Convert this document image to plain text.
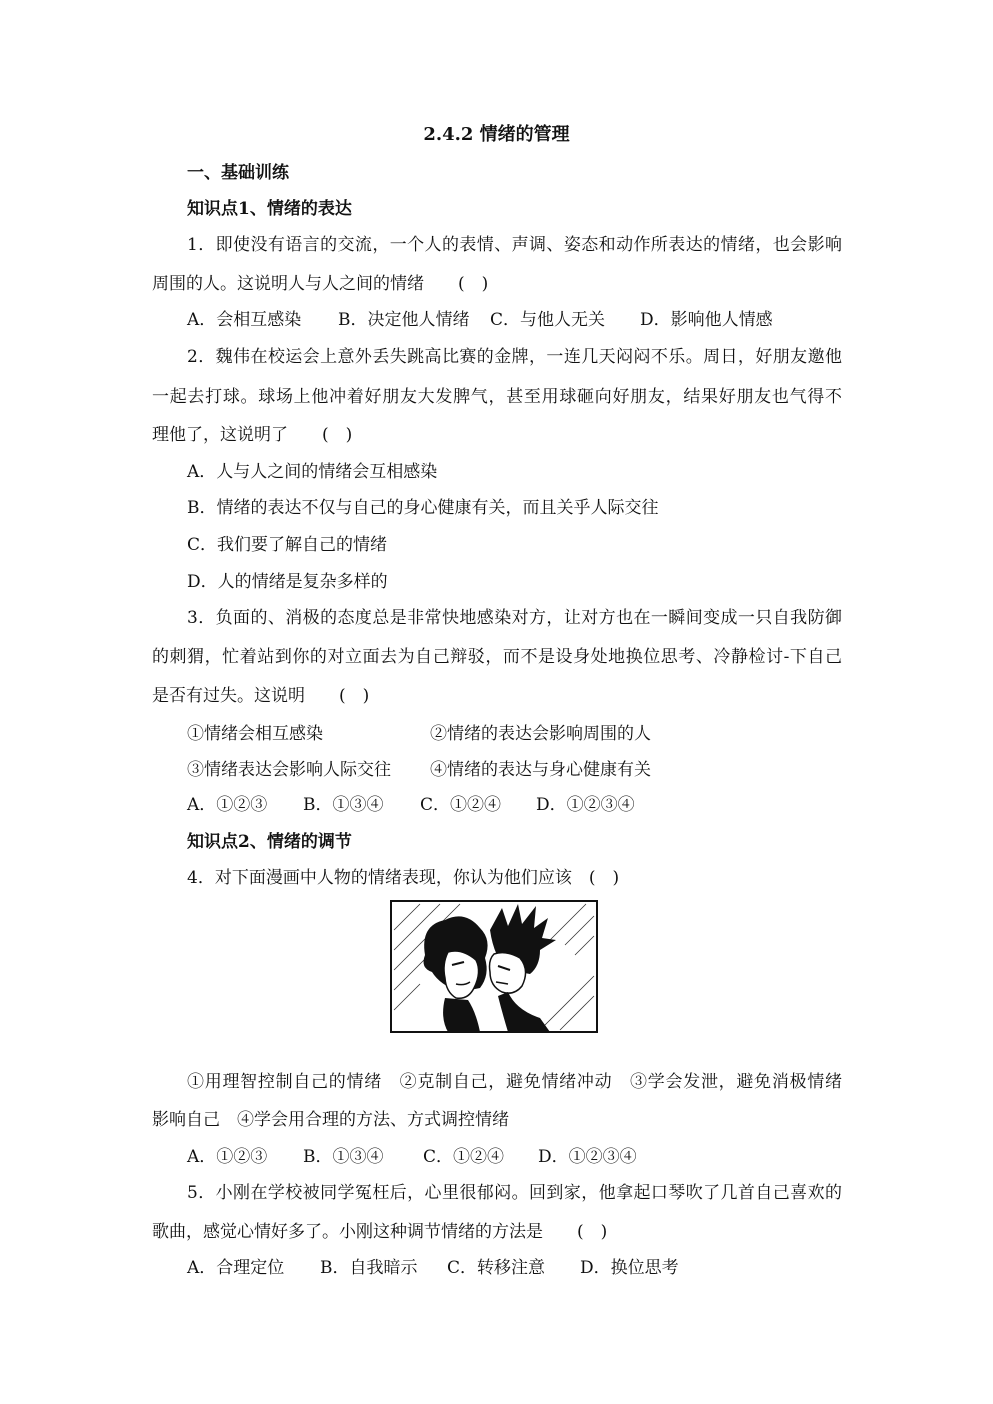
2.4.2 情绪的管理
一、基础训练
知识点1、情绪的表达
1．即使没有语言的交流，一个人的表情、声调、姿态和动作所表达的情绪，也会影响
周围的人。这说明人与人之间的情绪　　(　)
A．会相互感染 B．决定他人情绪 C．与他人无关 D．影响他人情感
2．魏伟在校运会上意外丢失跳高比赛的金牌，一连几天闷闷不乐。周日，好朋友邀他
一起去打球。球场上他冲着好朋友大发脾气，甚至用球砸向好朋友，结果好朋友也气得不
理他了，这说明了　　(　)
A．人与人之间的情绪会互相感染
B．情绪的表达不仅与自己的身心健康有关，而且关乎人际交往
C．我们要了解自己的情绪
D．人的情绪是复杂多样的
3．负面的、消极的态度总是非常快地感染对方，让对方也在一瞬间变成一只自我防御
的刺猬，忙着站到你的对立面去为自己辩驳，而不是设身处地换位思考、冷静检讨-下自己
是否有过失。这说明　　(　)
①情绪会相互感染	②情绪的表达会影响周围的人
③情绪表达会影响人际交往 ④情绪的表达与身心健康有关
A．①②③ B．①③④ C．①②④ D．①②③④
知识点2、情绪的调节
4．对下面漫画中人物的情绪表现，你认为他们应该　(　)
①用理智控制自己的情绪　②克制自己，避免情绪冲动　③学会发泄，避免消极情绪
影响自己　④学会用合理的方法、方式调控情绪
A．①②③ B．①③④ C．①②④ D．①②③④
5．小刚在学校被同学冤枉后，心里很郁闷。回到家，他拿起口琴吹了几首自己喜欢的
歌曲，感觉心情好多了。小刚这种调节情绪的方法是　　(　)
A．合理定位 B．自我暗示 C．转移注意 D．换位思考
